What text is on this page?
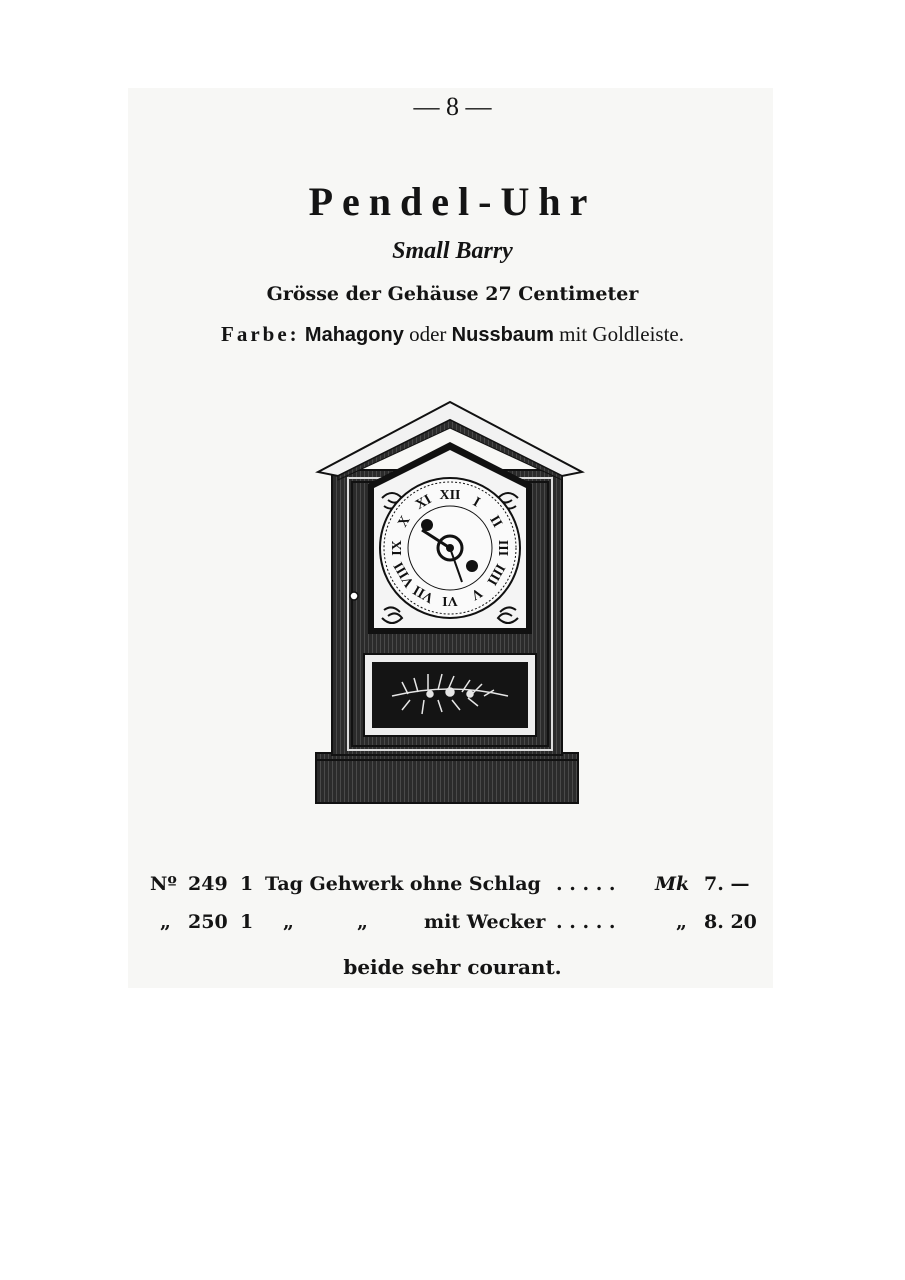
— 8 —
Pendel-Uhr
Small Barry
Grösse der Gehäuse 27 Centimeter
Farbe: Mahagony oder Nussbaum mit Goldleiste.
XII I
II
III
IIII
V
VI
VII
VIII
IX
X
XI
Nº 249 1 Tag Gehwerk ohne Schlag . . . . . Mk 7. —
„ 250 1 „	„	mit Wecker . . . . .	„ 8. 20
beide sehr courant.
